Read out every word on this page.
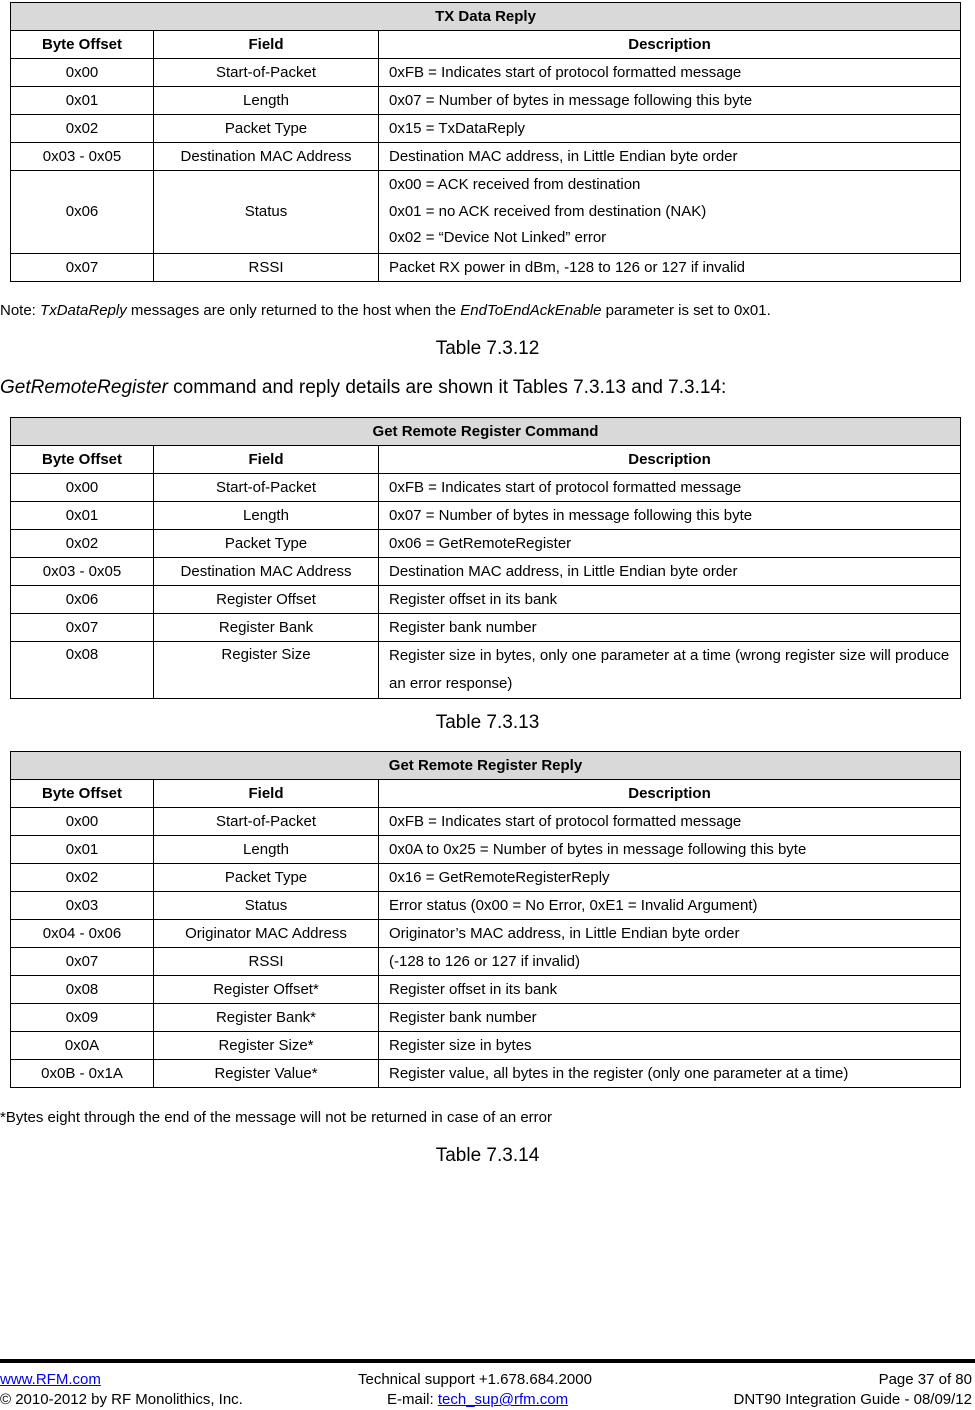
TX Data Reply		
Byte Offset	Field	Description
0x00	Start-of-Packet	0xFB = Indicates start of protocol formatted message
0x01	Length	0x07 = Number of bytes in message following this byte
0x02	Packet Type	0x15 = TxDataReply
0x03 - 0x05	Destination MAC Address	Destination MAC address, in Little Endian byte order
0x06	Status	0x00 = ACK received from destination
0x01 = no ACK received from destination (NAK)
0x02 = “Device Not Linked” error

0x07	RSSI	Packet RX power in dBm, -128 to 126 or 127 if invalid
Note: TxDataReply messages are only returned to the host when the EndToEndAckEnable parameter is set to 0x01.
Table 7.3.12
GetRemoteRegister command and reply details are shown it Tables 7.3.13 and 7.3.14:
Get Remote Register Command		
Byte Offset	Field	Description
0x00	Start-of-Packet	0xFB = Indicates start of protocol formatted message
0x01	Length	0x07 = Number of bytes in message following this byte
0x02	Packet Type	0x06 = GetRemoteRegister
0x03 - 0x05	Destination MAC Address	Destination MAC address, in Little Endian byte order
0x06	Register Offset	Register offset in its bank
0x07	Register Bank	Register bank number
0x08	Register Size	Register size in bytes, only one parameter at a time (wrong register size will produce an error response)
Table 7.3.13
Get Remote Register Reply		
Byte Offset	Field	Description
0x00	Start-of-Packet	0xFB = Indicates start of protocol formatted message
0x01	Length	0x0A to 0x25 = Number of bytes in message following this byte
0x02	Packet Type	0x16 = GetRemoteRegisterReply
0x03	Status	Error status (0x00 = No Error, 0xE1 = Invalid Argument)
0x04 - 0x06	Originator MAC Address	Originator’s MAC address, in Little Endian byte order
0x07	RSSI	(-128 to 126 or 127 if invalid)
0x08	Register Offset*	Register offset in its bank
0x09	Register Bank*	Register bank number
0x0A	Register Size*	Register size in bytes
0x0B - 0x1A	Register Value*	Register value, all bytes in the register (only one parameter at a time)
*Bytes eight through the end of the message will not be returned in case of an error
Table 7.3.14
www.RFM.com
© 2010-2012 by RF Monolithics, Inc.
Technical support +1.678.684.2000
E-mail: tech_sup@rfm.com
Page 37 of 80
DNT90 Integration Guide - 08/09/12
